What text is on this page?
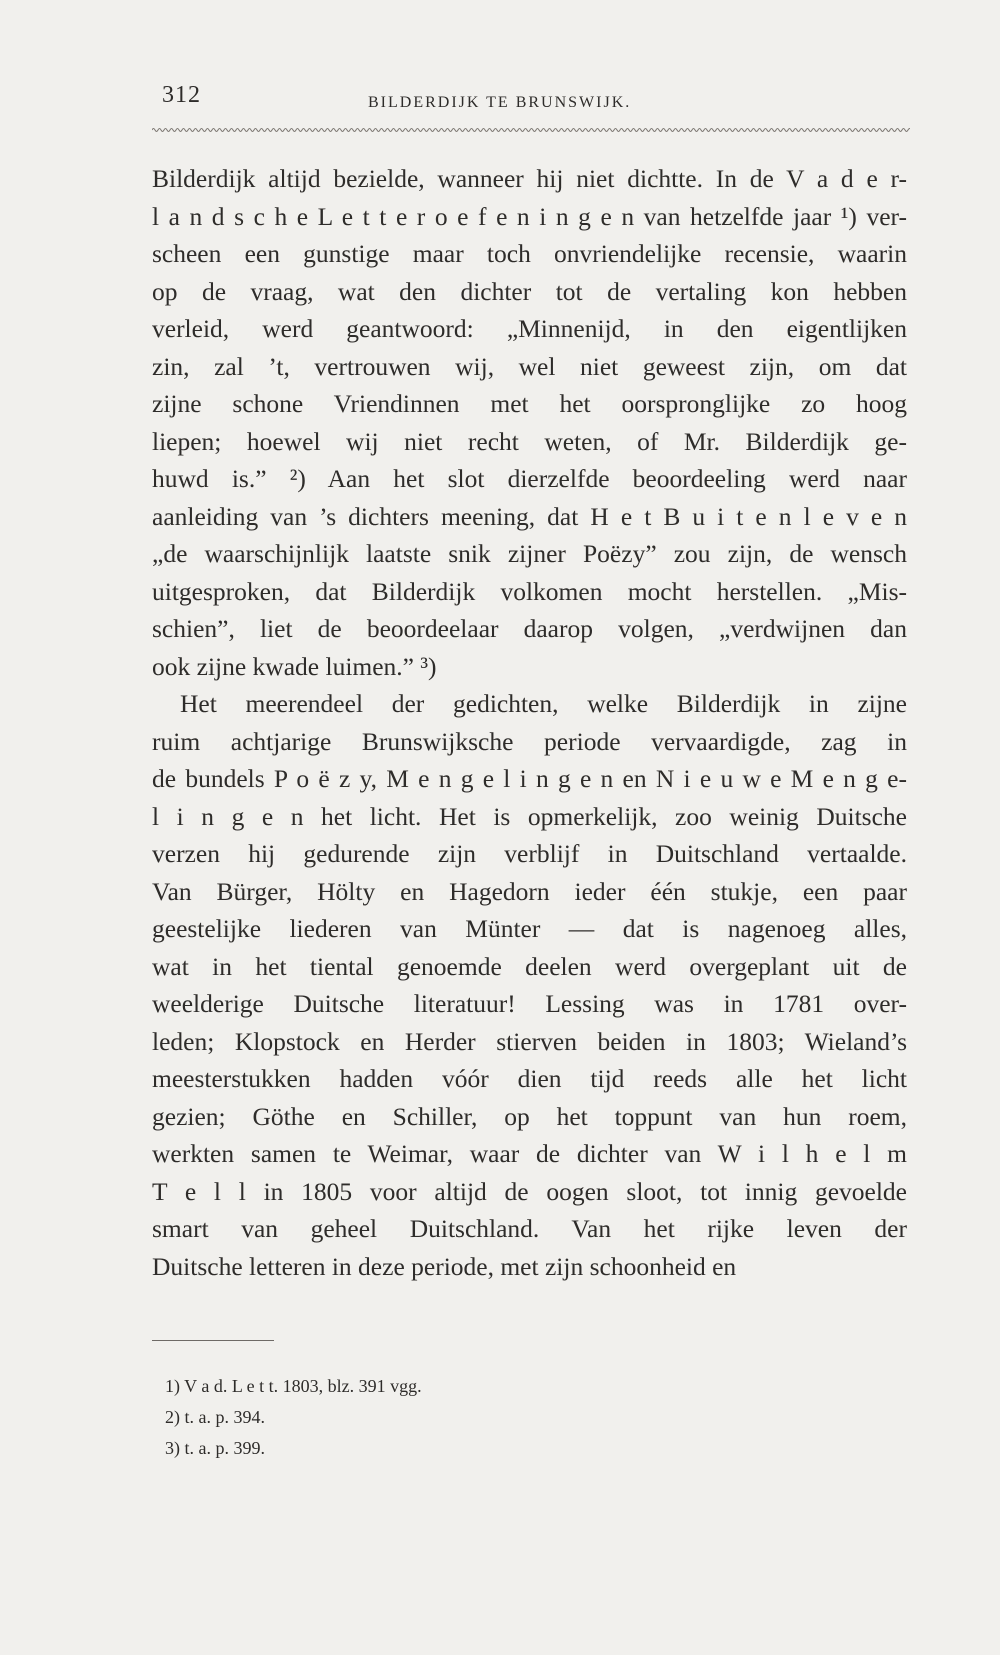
312	BILDERDIJK TE BRUNSWIJK.
Bilderdijk altijd bezielde, wanneer hij niet dichtte. In de V a d e r-
l a n d s c h e L e t t e r o e f e n i n g e n van hetzelfde jaar ¹) ver-
scheen een gunstige maar toch onvriendelijke recensie, waarin
op de vraag, wat den dichter tot de vertaling kon hebben
verleid, werd geantwoord: „Minnenijd, in den eigentlijken
zin, zal ’t, vertrouwen wij, wel niet geweest zijn, om dat
zijne schone Vriendinnen met het oorspronglijke zo hoog
liepen; hoewel wij niet recht weten, of Mr. Bilderdijk ge-
huwd is.” ²) Aan het slot dierzelfde beoordeeling werd naar
aanleiding van ’s dichters meening, dat H e t B u i t e n l e v e n
„de waarschijnlijk laatste snik zijner Poëzy” zou zijn, de wensch
uitgesproken, dat Bilderdijk volkomen mocht herstellen. „Mis-
schien”, liet de beoordeelaar daarop volgen, „verdwijnen dan
ook zijne kwade luimen.” ³)
Het meerendeel der gedichten, welke Bilderdijk in zijne
ruim achtjarige Brunswijksche periode vervaardigde, zag in
de bundels P o ë z y, M e n g e l i n g e n en N i e u w e M e n g e-
l i n g e n het licht. Het is opmerkelijk, zoo weinig Duitsche
verzen hij gedurende zijn verblijf in Duitschland vertaalde.
Van Bürger, Hölty en Hagedorn ieder één stukje, een paar
geestelijke liederen van Münter — dat is nagenoeg alles,
wat in het tiental genoemde deelen werd overgeplant uit de
weelderige Duitsche literatuur! Lessing was in 1781 over-
leden; Klopstock en Herder stierven beiden in 1803; Wieland’s
meesterstukken hadden vóór dien tijd reeds alle het licht
gezien; Göthe en Schiller, op het toppunt van hun roem,
werkten samen te Weimar, waar de dichter van W i l h e l m
T e l l in 1805 voor altijd de oogen sloot, tot innig gevoelde
smart van geheel Duitschland. Van het rijke leven der
Duitsche letteren in deze periode, met zijn schoonheid en
1) V a d. L e t t. 1803, blz. 391 vgg.
2) t. a. p. 394.
3) t. a. p. 399.
